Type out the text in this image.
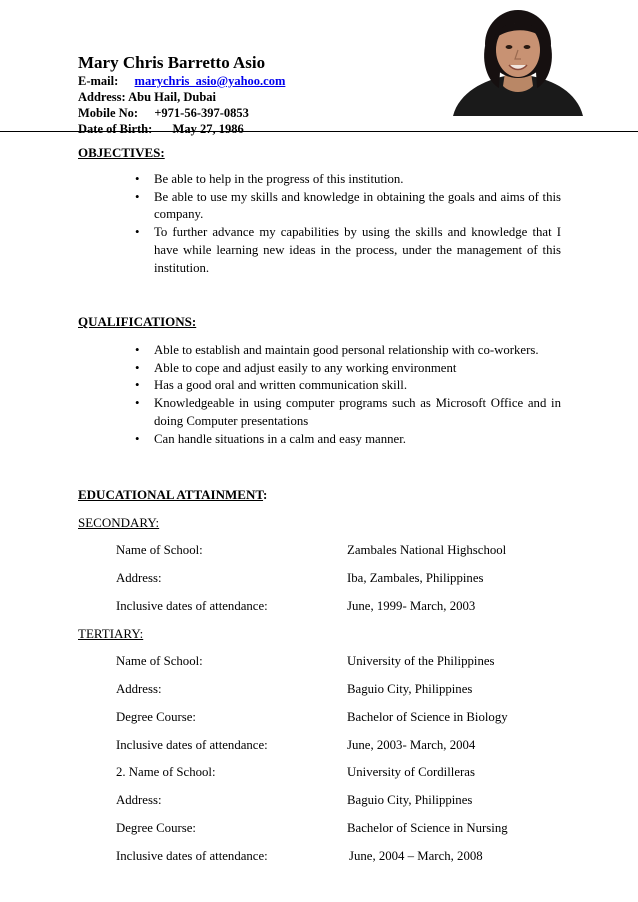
Mary Chris Barretto Asio
E-mail: marychris_asio@yahoo.com
Address: Abu Hail, Dubai
Mobile No: +971-56-397-0853
Date of Birth: May 27, 1986
OBJECTIVES:
• Be able to help in the progress of this institution.
• Be able to use my skills and knowledge in obtaining the goals and aims of this company.
• To further advance my capabilities by using the skills and knowledge that I have while learning new ideas in the process, under the management of this institution.
QUALIFICATIONS:
• Able to establish and maintain good personal relationship with co-workers.
• Able to cope and adjust easily to any working environment
• Has a good oral and written communication skill.
• Knowledgeable in using computer programs such as Microsoft Office and in doing Computer presentations
• Can handle situations in a calm and easy manner.
EDUCATIONAL ATTAINMENT:
SECONDARY:
Name of School:	Zambales National Highschool
Address:	Iba, Zambales, Philippines
Inclusive dates of attendance:	June, 1999- March, 2003
TERTIARY:
Name of School:	University of the Philippines
Address:	Baguio City, Philippines
Degree Course:	Bachelor of Science in Biology
Inclusive dates of attendance:	June, 2003- March, 2004
2. Name of School:	University of Cordilleras
Address:	Baguio City, Philippines
Degree Course:	Bachelor of Science in Nursing
Inclusive dates of attendance:	June, 2004 – March, 2008
